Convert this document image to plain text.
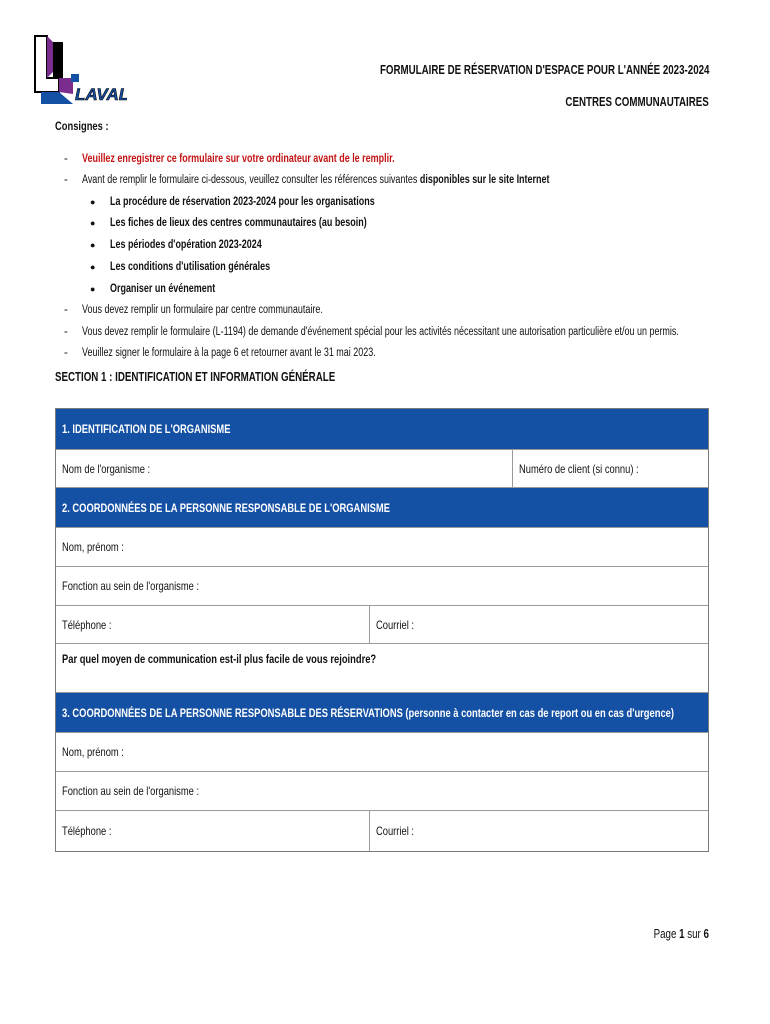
LAVAL
FORMULAIRE DE RÉSERVATION D'ESPACE POUR L'ANNÉE 2023-2024
CENTRES COMMUNAUTAIRES
Consignes :
- Veuillez enregistrer ce formulaire sur votre ordinateur avant de le remplir.
- Avant de remplir le formulaire ci-dessous, veuillez consulter les références suivantes disponibles sur le site Internet
● La procédure de réservation 2023-2024 pour les organisations
● Les fiches de lieux des centres communautaires (au besoin)
● Les périodes d'opération 2023-2024
● Les conditions d'utilisation générales
● Organiser un événement
- Vous devez remplir un formulaire par centre communautaire.
- Vous devez remplir le formulaire (L-1194) de demande d'événement spécial pour les activités nécessitant une autorisation particulière et/ou un permis.
- Veuillez signer le formulaire à la page 6 et retourner avant le 31 mai 2023.
SECTION 1 : IDENTIFICATION ET INFORMATION GÉNÉRALE
1. IDENTIFICATION DE L'ORGANISME
Nom de l'organisme :	Numéro de client (si connu) :
2. COORDONNÉES DE LA PERSONNE RESPONSABLE DE L'ORGANISME
Nom, prénom :
Fonction au sein de l'organisme :
Téléphone :	Courriel :
Par quel moyen de communication est-il plus facile de vous rejoindre?
3. COORDONNÉES DE LA PERSONNE RESPONSABLE DES RÉSERVATIONS (personne à contacter en cas de report ou en cas d'urgence)
Nom, prénom :
Fonction au sein de l'organisme :
Téléphone :	Courriel :
Page 1 sur 6
